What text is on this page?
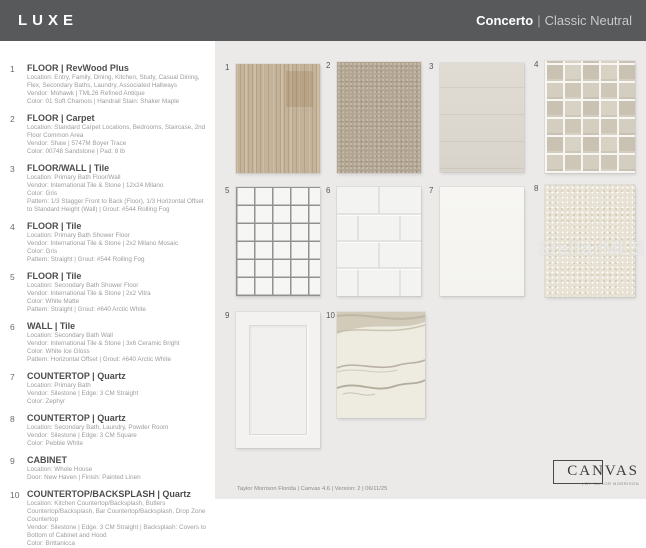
LUXE	Concerto | Classic Neutral
1	FLOOR | RevWood Plus
Location: Entry, Family, Dining, Kitchen, Study, Casual Dining, Flex, Secondary Baths, Laundry, Associated Hallways
Vendor: Mohawk | TML26 Refined Antique
Color: 01 Soft Chamois | Handrail Stain: Shaker Maple
2	FLOOR | Carpet
Location: Standard Carpet Locations, Bedrooms, Staircase, 2nd Floor Common Area
Vendor: Shaw | 5747M Boyer Trace
Color: 00748 Sandstone | Pad: 8 lb
3	FLOOR/WALL | Tile
Location: Primary Bath Floor/Wall
Vendor: International Tile & Stone | 12x24 Milano
Color: Gris
Pattern: 1/3 Stagger Front to Back (Floor), 1/3 Horizontal Offset to Standard Height (Wall) | Grout: #544 Rolling Fog
4	FLOOR | Tile
Location: Primary Bath Shower Floor
Vendor: International Tile & Stone | 2x2 Milano Mosaic
Color: Gris
Pattern: Straight | Grout: #544 Rolling Fog
5	FLOOR | Tile
Location: Secondary Bath Shower Floor
Vendor: International Tile & Stone | 2x2 Vitra
Color: White Matte
Pattern: Straight | Grout: #640 Arctic White
6	WALL | Tile
Location: Secondary Bath Wall
Vendor: International Tile & Stone | 3x6 Ceramic Bright
Color: White Ice Gloss
Pattern: Horizontal Offset | Grout: #640 Arctic White
7	COUNTERTOP | Quartz
Location: Primary Bath
Vendor: Silestone | Edge: 3 CM Straight
Color: Zephyr
8	COUNTERTOP | Quartz
Location: Secondary Bath, Laundry, Powder Room
Vendor: Silestone | Edge: 3 CM Square
Color: Pebble White
9	CABINET
Location: Whole House
Door: New Haven | Finish: Painted Linen
10 COUNTERTOP/BACKSPLASH | Quartz
Location: Kitchen Countertop/Backsplash, Butlers Countertop/Backsplash, Bar Countertop/Backsplash, Drop Zone Countertop
Vendor: Silestone | Edge: 3 CM Straight | Backsplash: Covers to Bottom of Cabinet and Hood
Color: Brittanicca
1	2	3	4
5	6	7	8
9	10
StellarMLS
Taylor Morrison Florida | Canvas 4.6 | Version: 2 | 06/11/25
CANVAS
| BY TAYLOR MORRISON
